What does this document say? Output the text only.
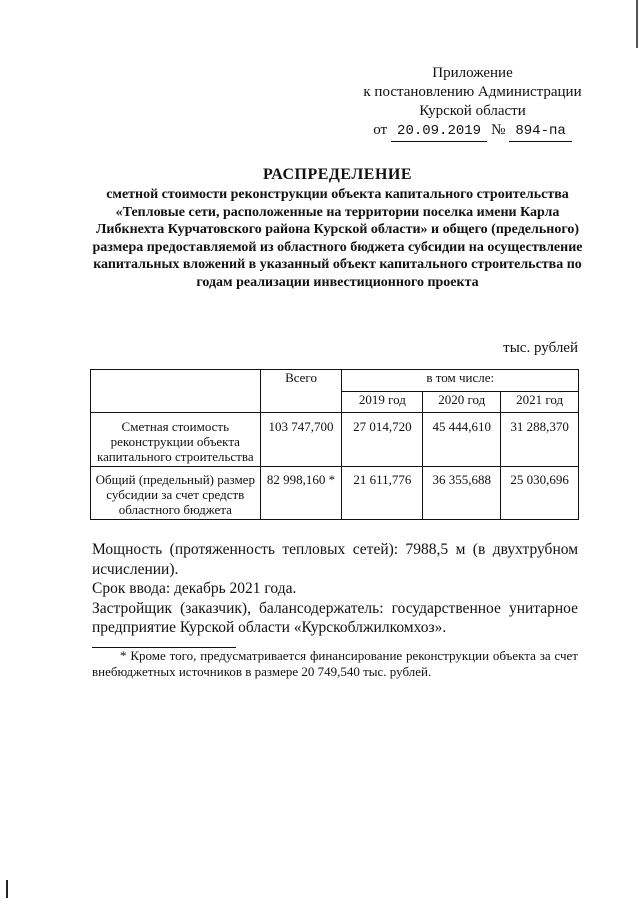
Приложение
к постановлению Администрации
Курской области
от 20.09.2019 № 894-па
РАСПРЕДЕЛЕНИЕ
сметной стоимости реконструкции объекта капитального строительства «Тепловые сети, расположенные на территории поселка имени Карла Либкнехта Курчатовского района Курской области» и общего (предельного) размера предоставляемой из областного бюджета субсидии на осуществление капитальных вложений в указанный объект капитального строительства по годам реализации инвестиционного проекта
тыс. рублей
	Всего	в том числе:		
		2019 год	2020 год	2021 год
Сметная стоимость реконструкции объекта капитального строительства	103 747,700	27 014,720	45 444,610	31 288,370
Общий (предельный) размер субсидии за счет средств областного бюджета	82 998,160 *	21 611,776	36 355,688	25 030,696

Мощность (протяженность тепловых сетей): 7988,5 м (в двухтрубном исчислении).

Срок ввода: декабрь 2021 года.

Застройщик (заказчик), балансодержатель: государственное унитарное предприятие Курской области «Курскоблжилкомхоз».

* Кроме того, предусматривается финансирование реконструкции объекта за счет внебюджетных источников в размере 20 749,540 тыс. рублей.
